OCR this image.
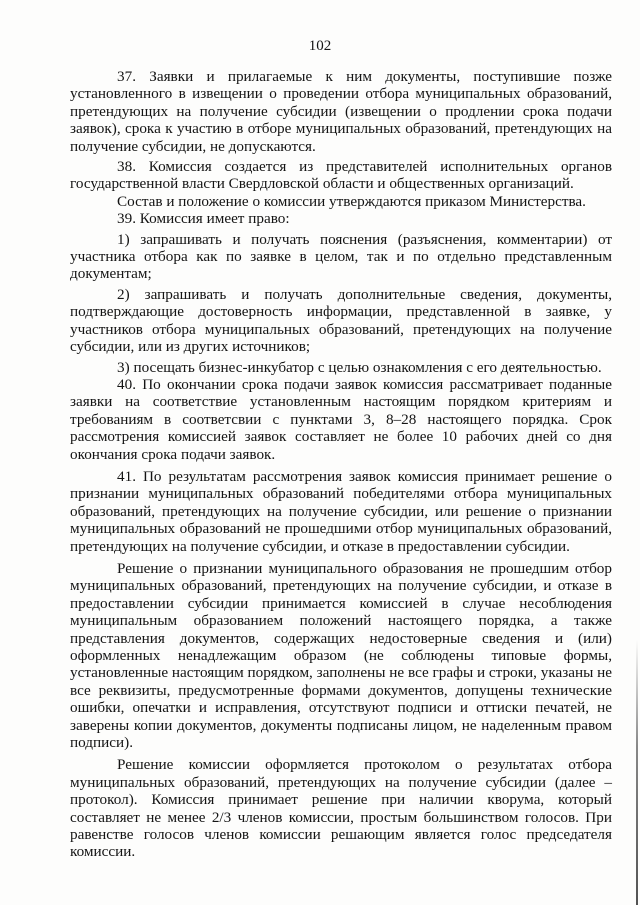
102

37. Заявки и прилагаемые к ним документы, поступившие позже установленного в извещении о проведении отбора муниципальных образований, претендующих на получение субсидии (извещении о продлении срока подачи заявок), срока к участию в отборе муниципальных образований, претендующих на получение субсидии, не допускаются.

38. Комиссия создается из представителей исполнительных органов государственной власти Свердловской области и общественных организаций.

Состав и положение о комиссии утверждаются приказом Министерства.

39. Комиссия имеет право:

1) запрашивать и получать пояснения (разъяснения, комментарии) от участника отбора как по заявке в целом, так и по отдельно представленным документам;

2) запрашивать и получать дополнительные сведения, документы, подтверждающие достоверность информации, представленной в заявке, у участников отбора муниципальных образований, претендующих на получение субсидии, или из других источников;

3) посещать бизнес-инкубатор с целью ознакомления с его деятельностью.

40. По окончании срока подачи заявок комиссия рассматривает поданные заявки на соответствие установленным настоящим порядком критериям и требованиям в соответсвии с пунктами 3, 8–28 настоящего порядка. Срок рассмотрения комиссией заявок составляет не более 10 рабочих дней со дня окончания срока подачи заявок.

41. По результатам рассмотрения заявок комиссия принимает решение о признании муниципальных образований победителями отбора муниципальных образований, претендующих на получение субсидии, или решение о признании муниципальных образований не прошедшими отбор муниципальных образований, претендующих на получение субсидии, и отказе в предоставлении субсидии.

Решение о признании муниципального образования не прошедшим отбор муниципальных образований, претендующих на получение субсидии, и отказе в предоставлении субсидии принимается комиссией в случае несоблюдения муниципальным образованием положений настоящего порядка, а также представления документов, содержащих недостоверные сведения и (или) оформленных ненадлежащим образом (не соблюдены типовые формы, установленные настоящим порядком, заполнены не все графы и строки, указаны не все реквизиты, предусмотренные формами документов, допущены технические ошибки, опечатки и исправления, отсутствуют подписи и оттиски печатей, не заверены копии документов, документы подписаны лицом, не наделенным правом подписи).

Решение комиссии оформляется протоколом о результатах отбора муниципальных образований, претендующих на получение субсидии (далее – протокол). Комиссия принимает решение при наличии кворума, который составляет не менее 2/3 членов комиссии, простым большинством голосов. При равенстве голосов членов комиссии решающим является голос председателя комиссии.
